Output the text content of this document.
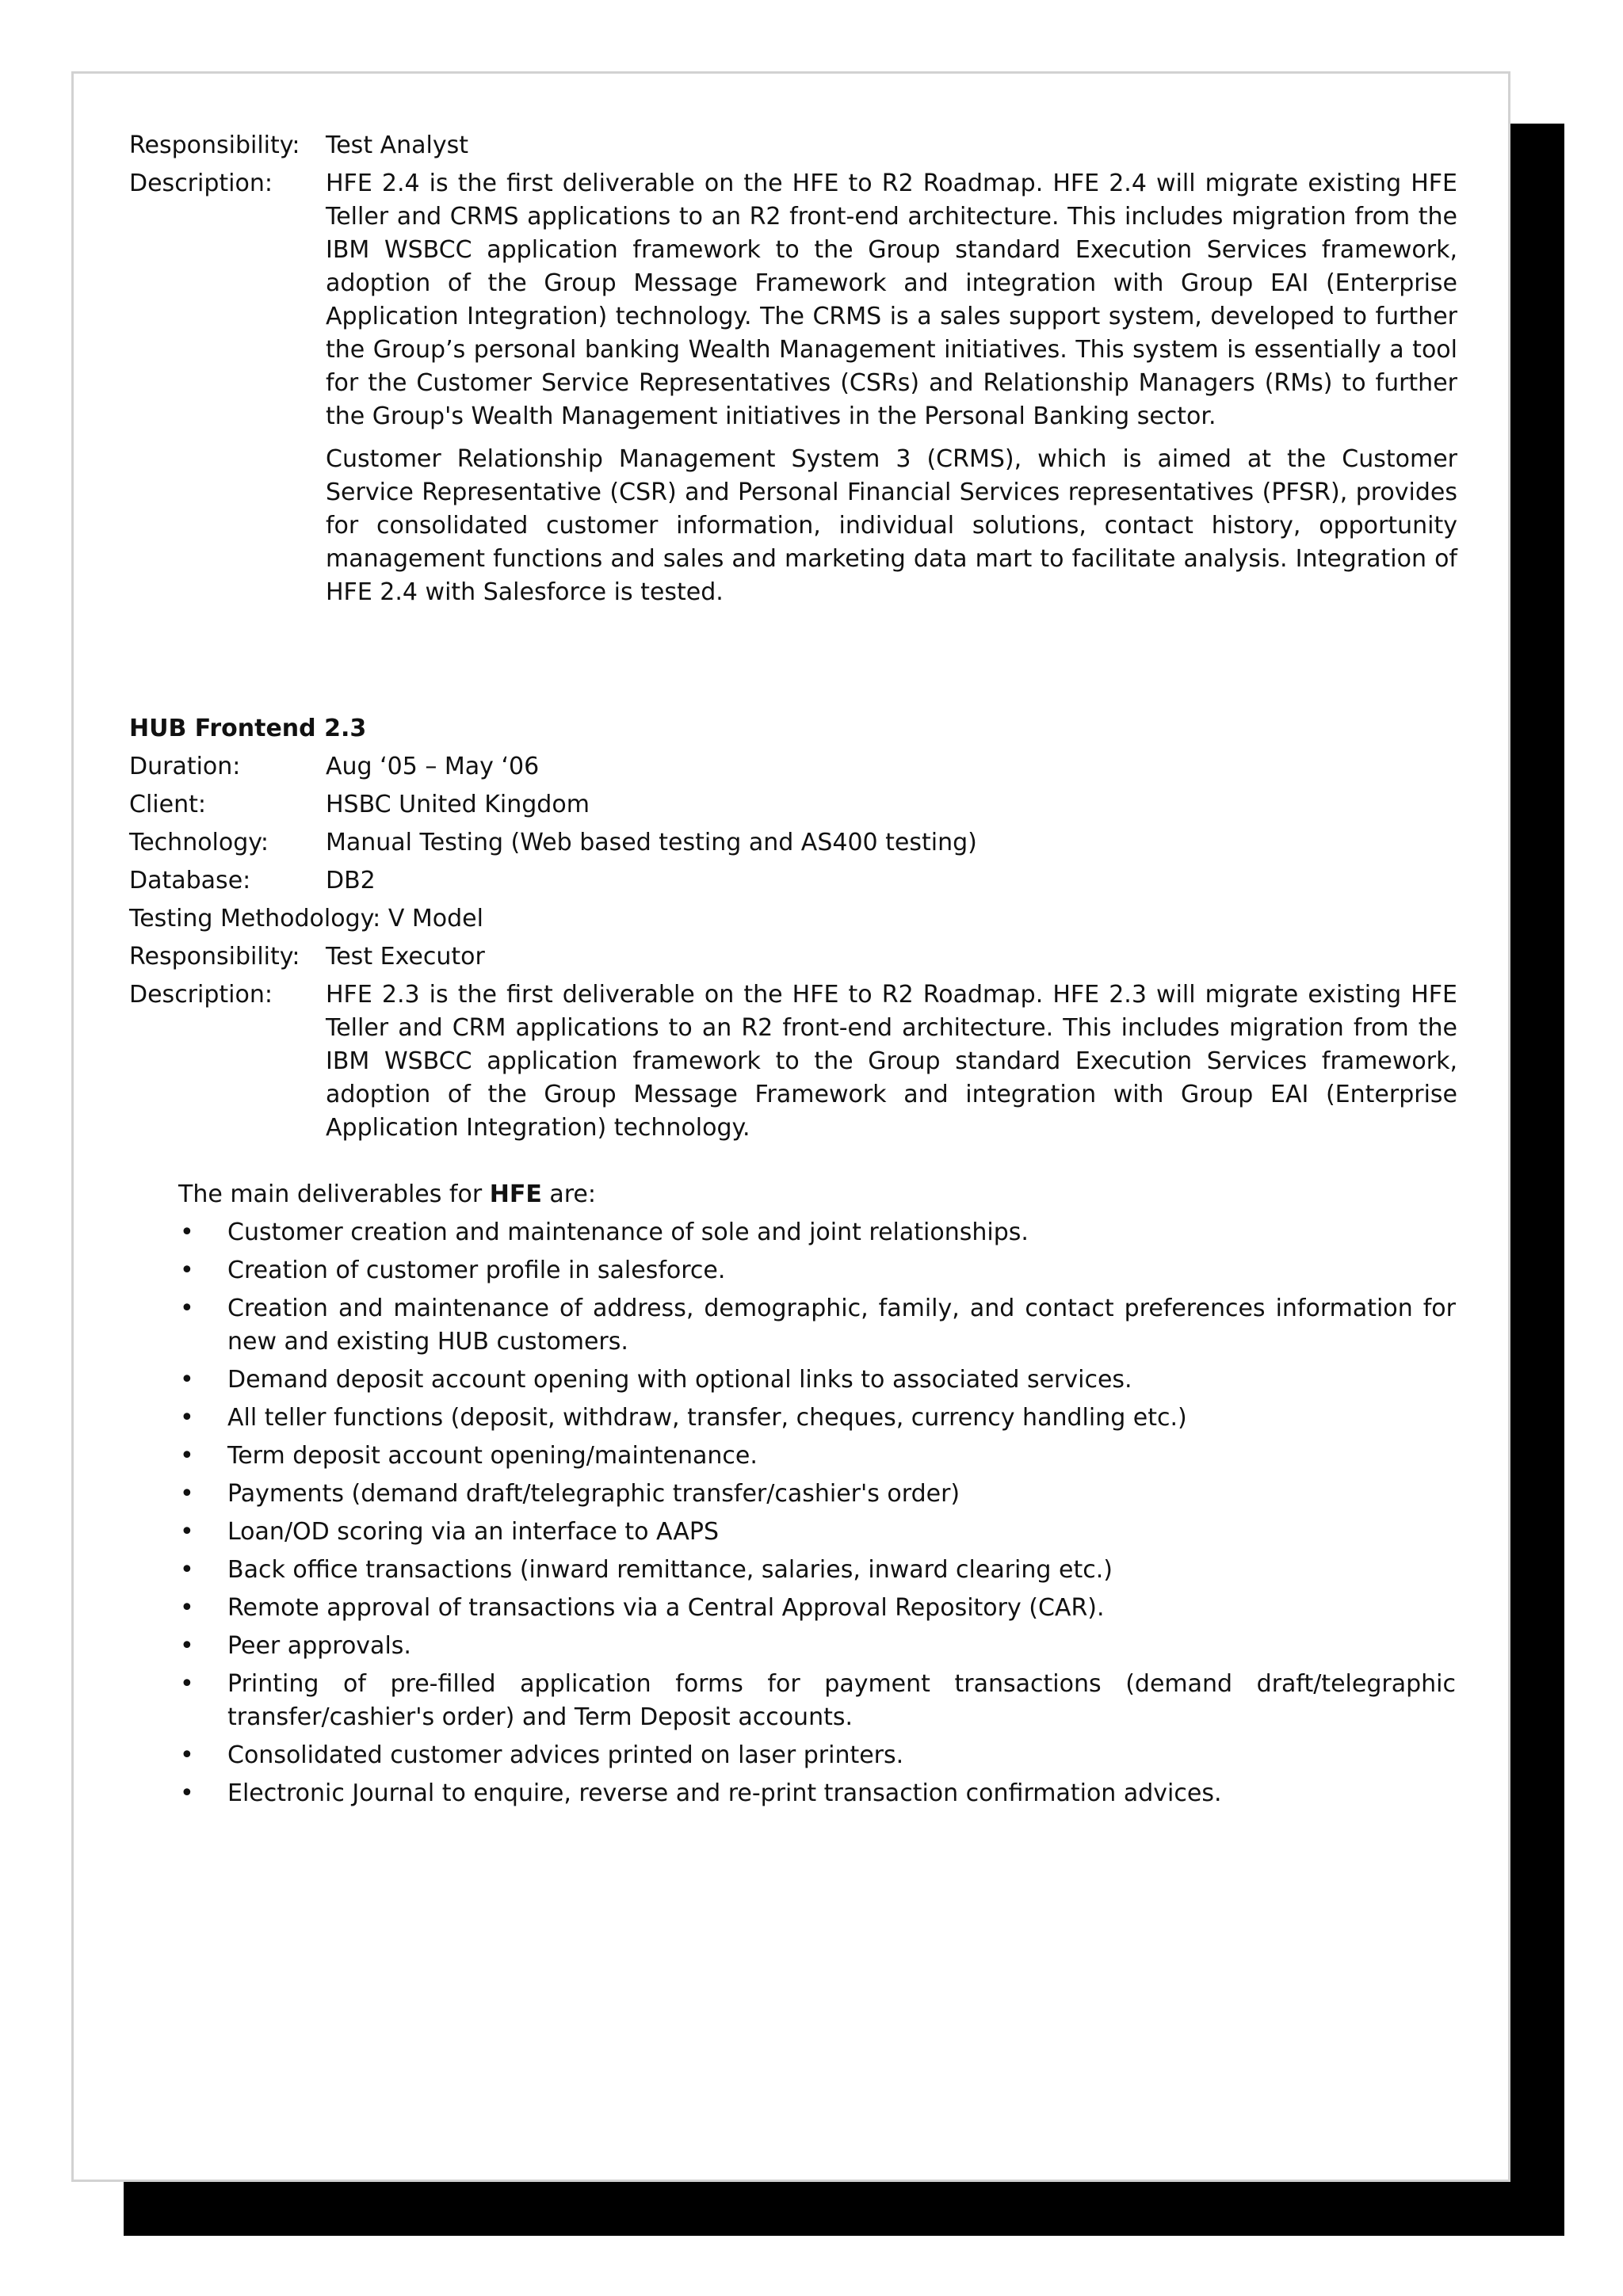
Responsibility:	Test Analyst
Description:	HFE 2.4 is the first deliverable on the HFE to R2 Roadmap. HFE 2.4 will migrate existing HFE Teller and CRMS applications to an R2 front-end architecture. This includes migration from the IBM WSBCC application framework to the Group standard Execution Services framework, adoption of the Group Message Framework and integration with Group EAI (Enterprise Application Integration) technology. The CRMS is a sales support system, developed to further the Group’s personal banking Wealth Management initiatives. This system is essentially a tool for the Customer Service Representatives (CSRs) and Relationship Managers (RMs) to further the Group's Wealth Management initiatives in the Personal Banking sector.

Customer Relationship Management System 3 (CRMS), which is aimed at the Customer Service Representative (CSR) and Personal Financial Services representatives (PFSR), provides for consolidated customer information, individual solutions, contact history, opportunity management functions and sales and marketing data mart to facilitate analysis. Integration of HFE 2.4 with Salesforce is tested.

HUB Frontend 2.3
Duration:	Aug ‘05 – May ‘06
Client:	HSBC United Kingdom
Technology:	Manual Testing (Web based testing and AS400 testing)
Database:	DB2
Testing Methodology: V Model
Responsibility:	Test Executor
Description:	HFE 2.3 is the first deliverable on the HFE to R2 Roadmap. HFE 2.3 will migrate existing HFE Teller and CRM applications to an R2 front-end architecture. This includes migration from the IBM WSBCC application framework to the Group standard Execution Services framework, adoption of the Group Message Framework and integration with Group EAI (Enterprise Application Integration) technology.

The main deliverables for HFE are:
• Customer creation and maintenance of sole and joint relationships.
• Creation of customer profile in salesforce.
• Creation and maintenance of address, demographic, family, and contact preferences information for new and existing HUB customers.
• Demand deposit account opening with optional links to associated services.
• All teller functions (deposit, withdraw, transfer, cheques, currency handling etc.)
• Term deposit account opening/maintenance.
• Payments (demand draft/telegraphic transfer/cashier's order)
• Loan/OD scoring via an interface to AAPS
• Back office transactions (inward remittance, salaries, inward clearing etc.)
• Remote approval of transactions via a Central Approval Repository (CAR).
• Peer approvals.
• Printing of pre-filled application forms for payment transactions (demand draft/telegraphic transfer/cashier's order) and Term Deposit accounts.
• Consolidated customer advices printed on laser printers.
• Electronic Journal to enquire, reverse and re-print transaction confirmation advices.
